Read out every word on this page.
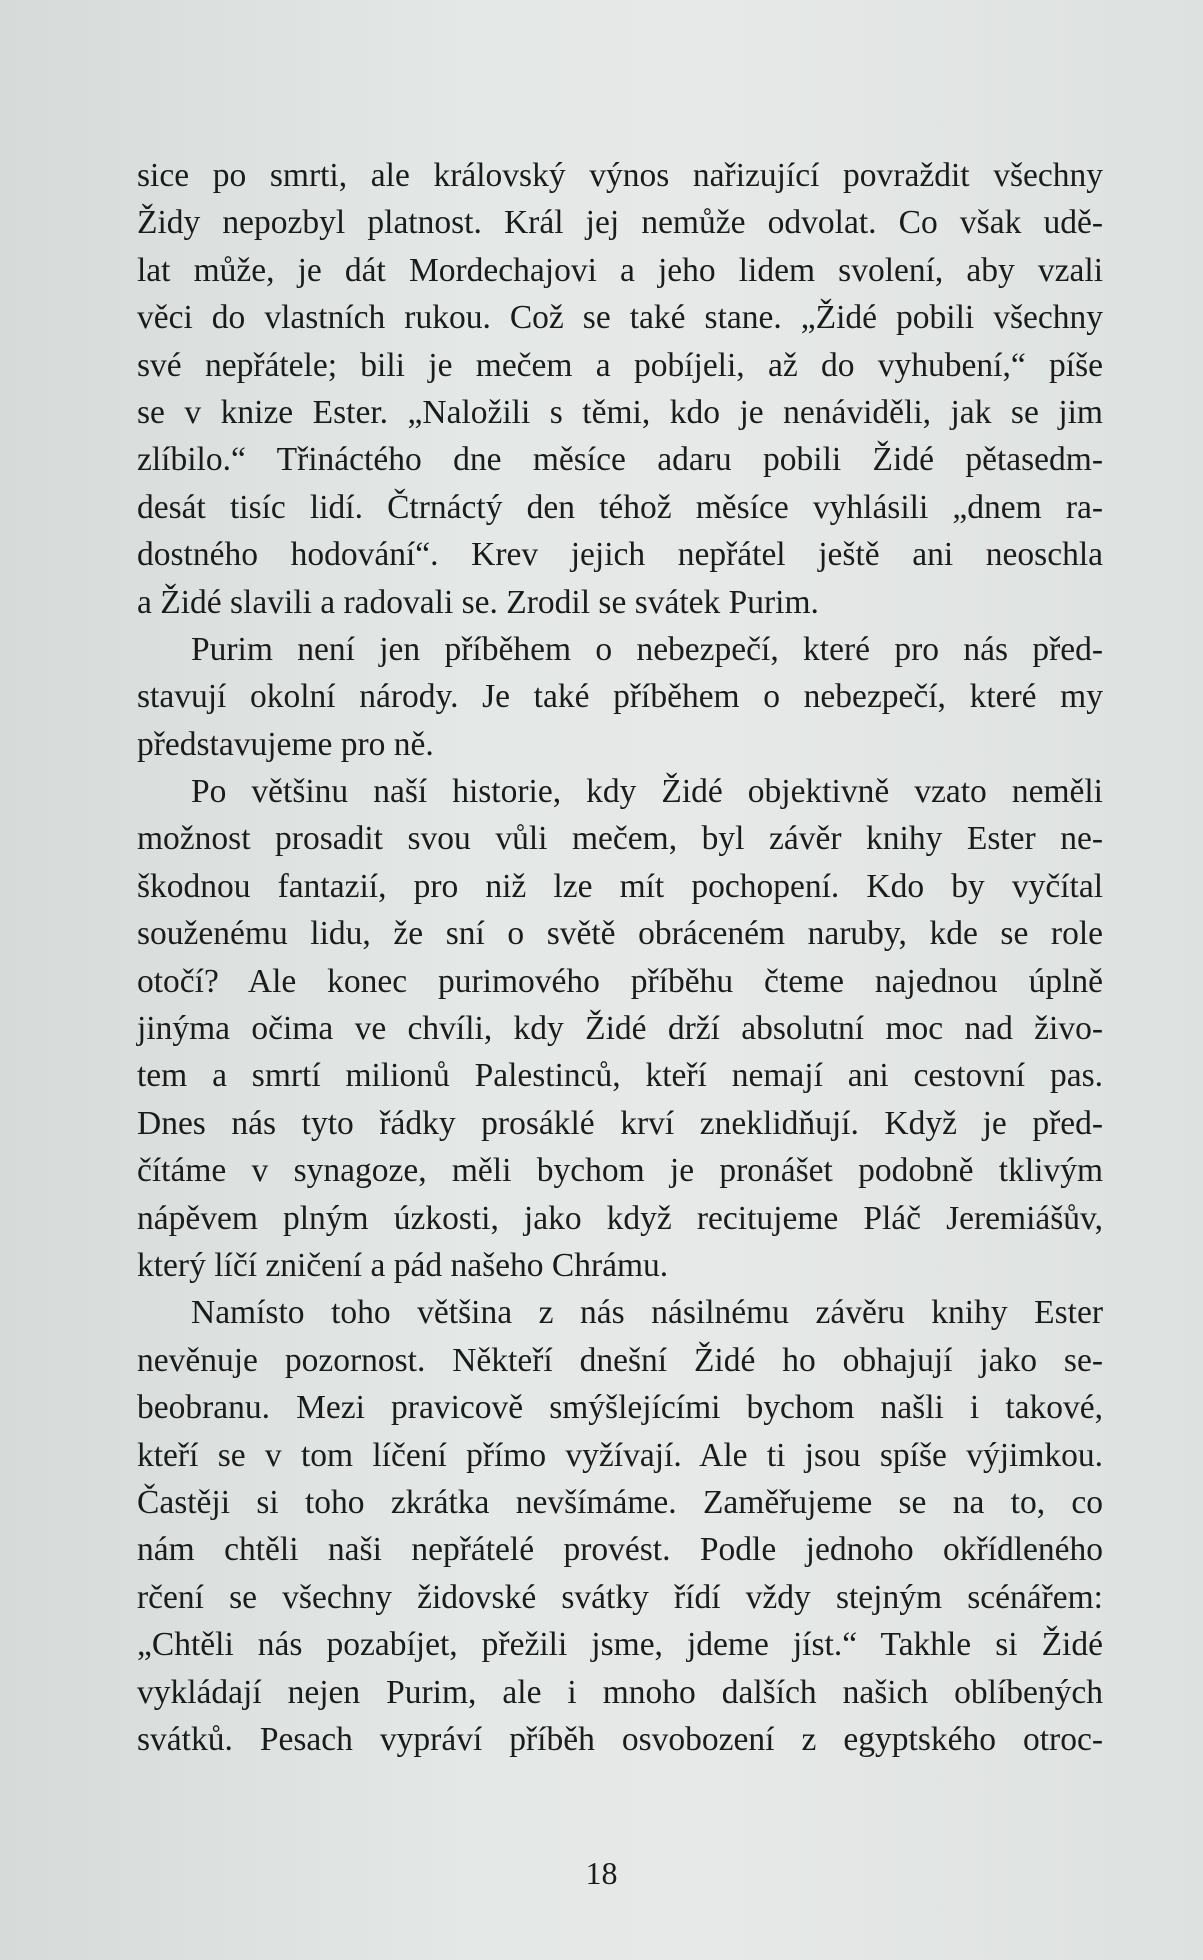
sice po smrti, ale královský výnos nařizující povraždit všechny
Židy nepozbyl platnost. Král jej nemůže odvolat. Co však udě-
lat může, je dát Mordechajovi a jeho lidem svolení, aby vzali
věci do vlastních rukou. Což se také stane. „Židé pobili všechny
své nepřátele; bili je mečem a pobíjeli, až do vyhubení,“ píše
se v knize Ester. „Naložili s těmi, kdo je nenáviděli, jak se jim
zlíbilo.“ Třináctého dne měsíce adaru pobili Židé pětasedm-
desát tisíc lidí. Čtrnáctý den téhož měsíce vyhlásili „dnem ra-
dostného hodování“. Krev jejich nepřátel ještě ani neoschla
a Židé slavili a radovali se. Zrodil se svátek Purim.
Purim není jen příběhem o nebezpečí, které pro nás před-
stavují okolní národy. Je také příběhem o nebezpečí, které my
představujeme pro ně.
Po většinu naší historie, kdy Židé objektivně vzato neměli
možnost prosadit svou vůli mečem, byl závěr knihy Ester ne-
škodnou fantazií, pro niž lze mít pochopení. Kdo by vyčítal
souženému lidu, že sní o světě obráceném naruby, kde se role
otočí? Ale konec purimového příběhu čteme najednou úplně
jinýma očima ve chvíli, kdy Židé drží absolutní moc nad živo-
tem a smrtí milionů Palestinců, kteří nemají ani cestovní pas.
Dnes nás tyto řádky prosáklé krví zneklidňují. Když je před-
čítáme v synagoze, měli bychom je pronášet podobně tklivým
nápěvem plným úzkosti, jako když recitujeme Pláč Jeremiášův,
který líčí zničení a pád našeho Chrámu.
Namísto toho většina z nás násilnému závěru knihy Ester
nevěnuje pozornost. Někteří dnešní Židé ho obhajují jako se-
beobranu. Mezi pravicově smýšlejícími bychom našli i takové,
kteří se v tom líčení přímo vyžívají. Ale ti jsou spíše výjimkou.
Častěji si toho zkrátka nevšímáme. Zaměřujeme se na to, co
nám chtěli naši nepřátelé provést. Podle jednoho okřídleného
rčení se všechny židovské svátky řídí vždy stejným scénářem:
„Chtěli nás pozabíjet, přežili jsme, jdeme jíst.“ Takhle si Židé
vykládají nejen Purim, ale i mnoho dalších našich oblíbených
svátků. Pesach vypráví příběh osvobození z egyptského otroc-
18
